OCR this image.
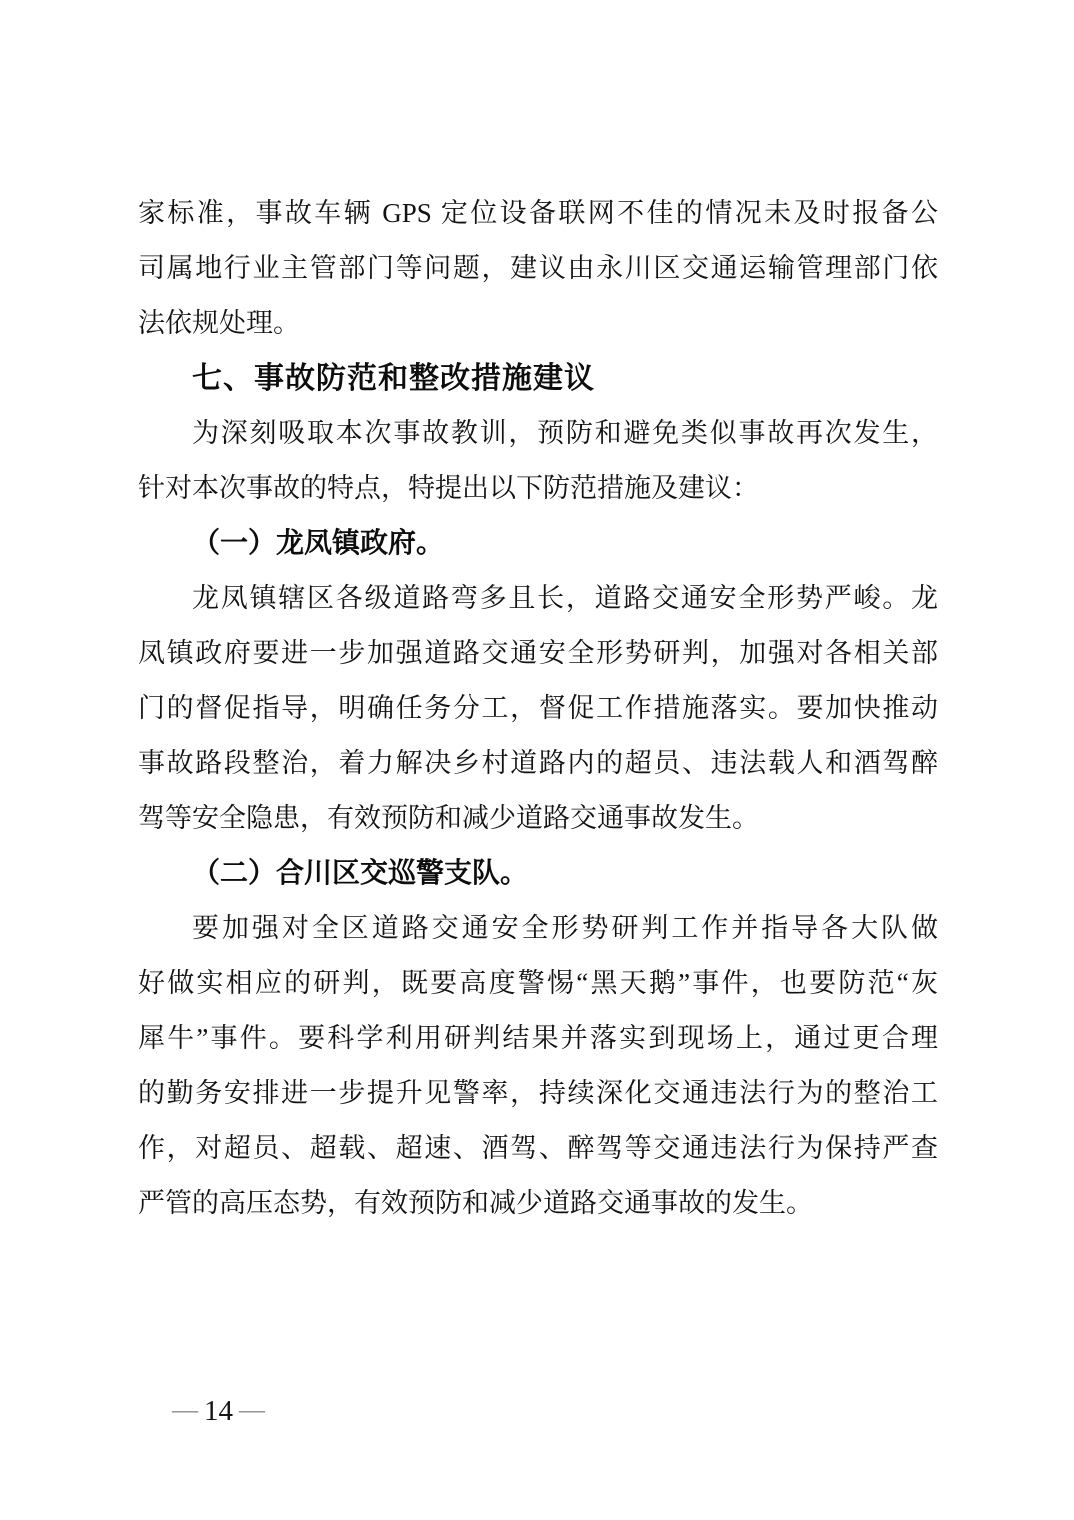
家标准，事故车辆 GPS 定位设备联网不佳的情况未及时报备公
司属地行业主管部门等问题，建议由永川区交通运输管理部门依
法依规处理。
七、事故防范和整改措施建议
为深刻吸取本次事故教训，预防和避免类似事故再次发生，
针对本次事故的特点，特提出以下防范措施及建议：
（一）龙凤镇政府。
龙凤镇辖区各级道路弯多且长，道路交通安全形势严峻。龙
凤镇政府要进一步加强道路交通安全形势研判，加强对各相关部
门的督促指导，明确任务分工，督促工作措施落实。要加快推动
事故路段整治，着力解决乡村道路内的超员、违法载人和酒驾醉
驾等安全隐患，有效预防和减少道路交通事故发生。
（二）合川区交巡警支队。
要加强对全区道路交通安全形势研判工作并指导各大队做
好做实相应的研判，既要高度警惕“黑天鹅”事件，也要防范“灰
犀牛”事件。要科学利用研判结果并落实到现场上，通过更合理
的勤务安排进一步提升见警率，持续深化交通违法行为的整治工
作，对超员、超载、超速、酒驾、醉驾等交通违法行为保持严查
严管的高压态势，有效预防和减少道路交通事故的发生。
— 14 —
